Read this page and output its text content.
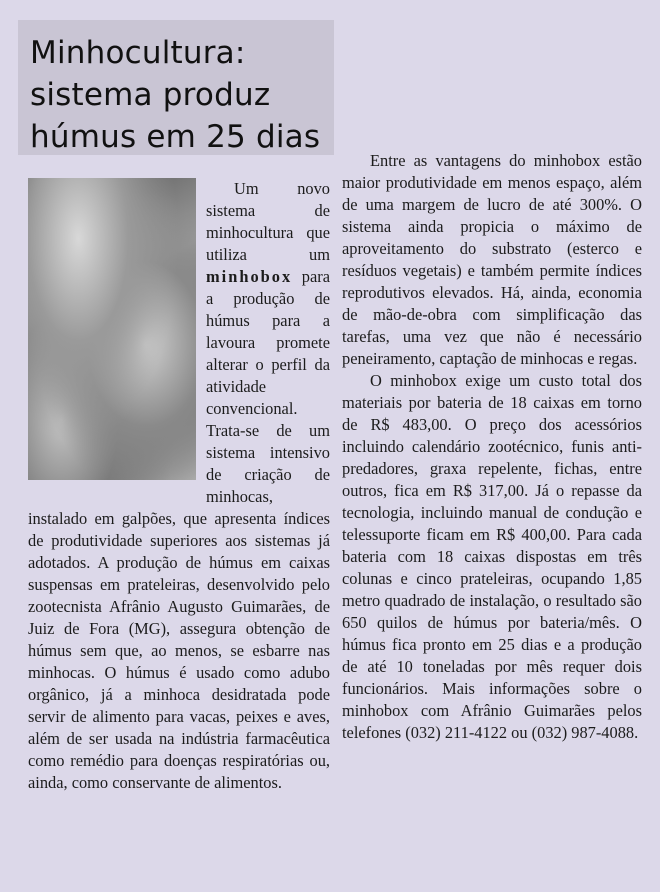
Minhocultura:
sistema produz
húmus em 25 dias

Um novo sistema de minhocultura que utiliza um minhobox para a produção de húmus para a lavoura promete alterar o perfil da atividade convencional. Trata-se de um sistema intensivo de criação de minhocas, instalado em galpões, que apresenta índices de produtividade superiores aos sistemas já adotados. A produção de húmus em caixas suspensas em prateleiras, desenvolvido pelo zootecnista Afrânio Augusto Guimarães, de Juiz de Fora (MG), assegura obtenção de húmus sem que, ao menos, se esbarre nas minhocas. O húmus é usado como adubo orgânico, já a minhoca desidratada pode servir de alimento para vacas, peixes e aves, além de ser usada na indústria farmacêutica como remédio para doenças respiratórias ou, ainda, como conservante de alimentos.

Entre as vantagens do minhobox estão maior produtividade em menos espaço, além de uma margem de lucro de até 300%. O sistema ainda propicia o máximo de aproveitamento do substrato (esterco e resíduos vegetais) e também permite índices reprodutivos elevados. Há, ainda, economia de mão-de-obra com simplificação das tarefas, uma vez que não é necessário peneiramento, captação de minhocas e regas.

O minhobox exige um custo total dos materiais por bateria de 18 caixas em torno de R$ 483,00. O preço dos acessórios incluindo calendário zootécnico, funis anti-predadores, graxa repelente, fichas, entre outros, fica em R$ 317,00. Já o repasse da tecnologia, incluindo manual de condução e telessuporte ficam em R$ 400,00. Para cada bateria com 18 caixas dispostas em três colunas e cinco prateleiras, ocupando 1,85 metro quadrado de instalação, o resultado são 650 quilos de húmus por bateria/mês. O húmus fica pronto em 25 dias e a produção de até 10 toneladas por mês requer dois funcionários. Mais informações sobre o minhobox com Afrânio Guimarães pelos telefones (032) 211-4122 ou (032) 987-4088.
